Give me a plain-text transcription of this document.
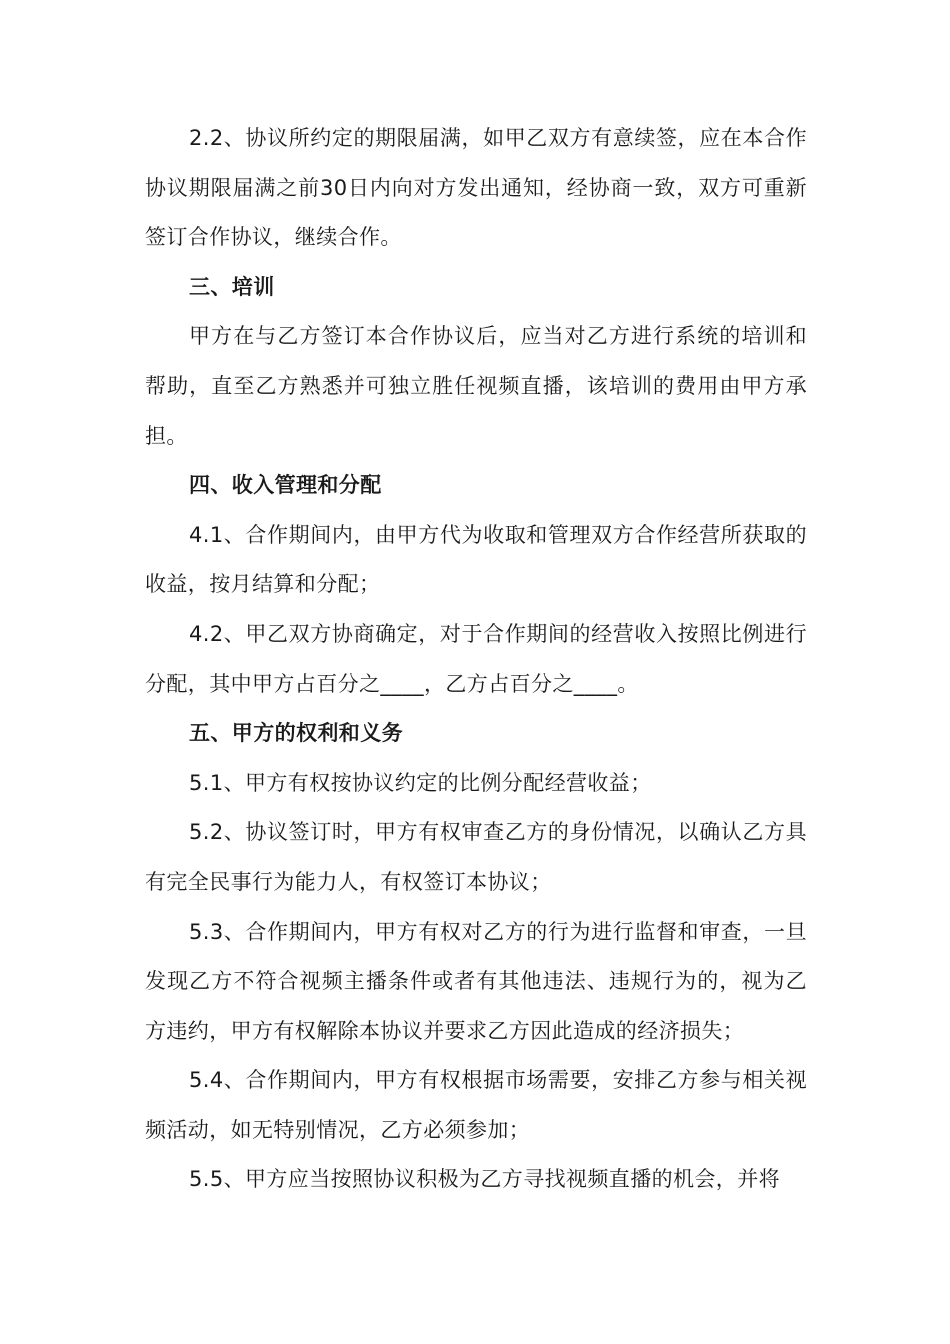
2.2、协议所约定的期限届满，如甲乙双方有意续签，应在本合作协议期限届满之前30日内向对方发出通知，经协商一致，双方可重新签订合作协议，继续合作。

三、培训

甲方在与乙方签订本合作协议后，应当对乙方进行系统的培训和帮助，直至乙方熟悉并可独立胜任视频直播，该培训的费用由甲方承担。

四、收入管理和分配

4.1、合作期间内，由甲方代为收取和管理双方合作经营所获取的收益，按月结算和分配；

4.2、甲乙双方协商确定，对于合作期间的经营收入按照比例进行分配，其中甲方占百分之____，乙方占百分之____。

五、甲方的权利和义务

5.1、甲方有权按协议约定的比例分配经营收益；

5.2、协议签订时，甲方有权审查乙方的身份情况，以确认乙方具有完全民事行为能力人，有权签订本协议；

5.3、合作期间内，甲方有权对乙方的行为进行监督和审查，一旦发现乙方不符合视频主播条件或者有其他违法、违规行为的，视为乙方违约，甲方有权解除本协议并要求乙方因此造成的经济损失；

5.4、合作期间内，甲方有权根据市场需要，安排乙方参与相关视频活动，如无特别情况，乙方必须参加；

5.5、甲方应当按照协议积极为乙方寻找视频直播的机会，并将
